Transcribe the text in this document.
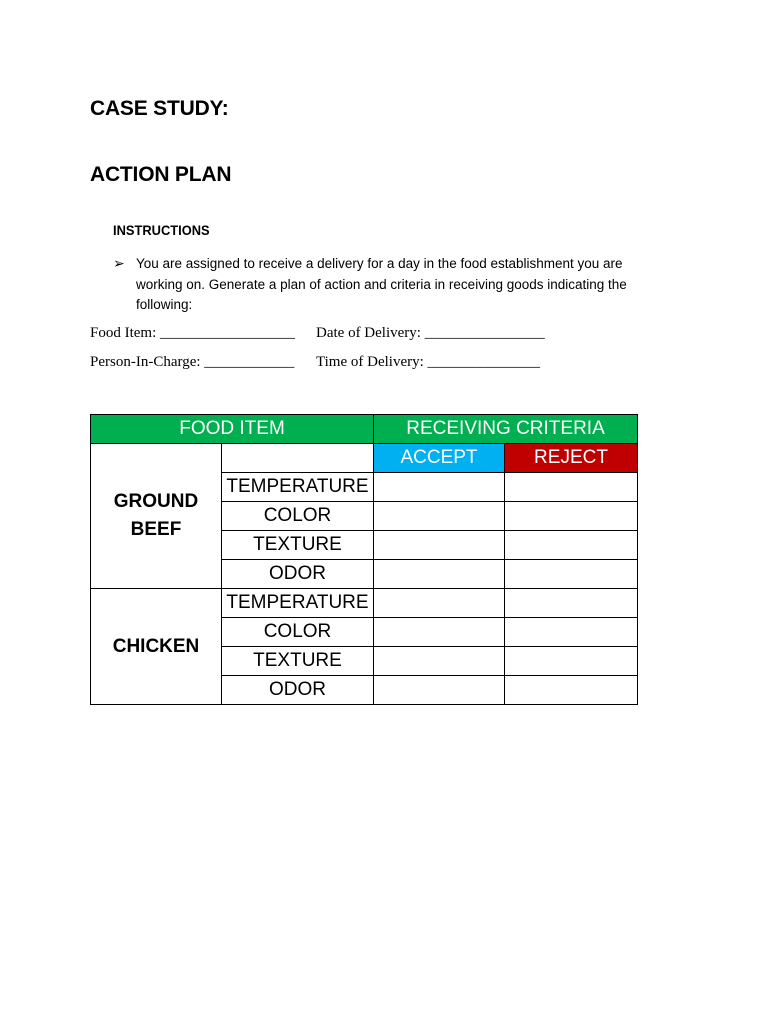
CASE STUDY:
ACTION PLAN
INSTRUCTIONS
➢ You are assigned to receive a delivery for a day in the food establishment you are working on. Generate a plan of action and criteria in receiving goods indicating the following:
Food Item: __________________ Date of Delivery: ________________
Person-In-Charge: ____________ Time of Delivery: _______________
FOOD ITEM		RECEIVING CRITERIA	

GROUND
BEEF		ACCEPT	REJECT
	TEMPERATURE		
	COLOR		
	TEXTURE		
	ODOR		

CHICKEN	TEMPERATURE		
	COLOR		
	TEXTURE		
	ODOR		
